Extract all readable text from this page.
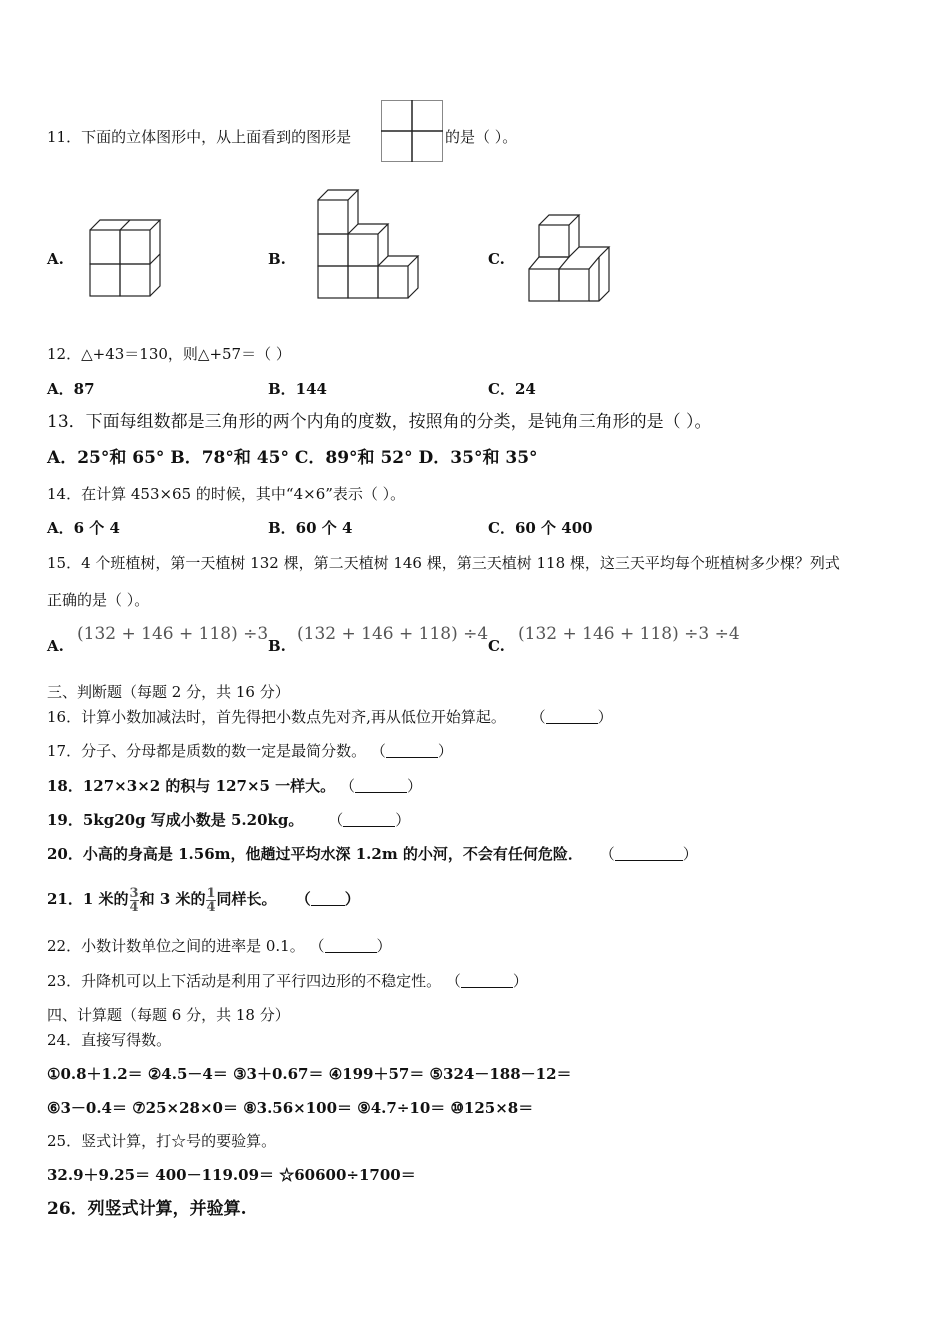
11．下面的立体图形中，从上面看到的图形是	的是（ ）。
A.	B.	C.
12．△+43＝130，则△+57＝（ ）
A．87	B．144	C．24
13．下面每组数都是三角形的两个内角的度数，按照角的分类，是钝角三角形的是（ ）。
A．25°和 65° B．78°和 45° C．89°和 52° D．35°和 35°
14．在计算 453×65 的时候，其中“4×6”表示（ ）。
A．6 个 4	B．60 个 4	C．60 个 400
15．4 个班植树，第一天植树 132 棵，第二天植树 146 棵，第三天植树 118 棵，这三天平均每个班植树多少棵？列式
正确的是（ ）。
A.
(132 + 146 + 118) ÷3
B.
(132 + 146 + 118) ÷4
C.
(132 + 146 + 118) ÷3 ÷4
三、判断题（每题 2 分，共 16 分）
16．计算小数加减法时，首先得把小数点先对齐,再从低位开始算起。 （	）
17．分子、分母都是质数的数一定是最简分数。 （	）
18．127×3×2 的积与 127×5 一样大。 （	）
19．5kg20g 写成小数是 5.20kg。 （	）
20．小高的身高是 1.56m，他趟过平均水深 1.2m 的小河，不会有任何危险． （	）
21．1 米的 $\frac{3}{4}$ 和 3 米的 $\frac{1}{4}$ 同样长。 （ ）
22．小数计数单位之间的进率是 0.1。 （	）
23．升降机可以上下活动是利用了平行四边形的不稳定性。 （	）
四、计算题（每题 6 分，共 18 分）
24．直接写得数。
①0.8＋1.2＝ ②4.5－4＝ ③3＋0.67＝ ④199＋57＝ ⑤324－188－12＝
⑥3－0.4＝ ⑦25×28×0＝ ⑧3.56×100＝ ⑨4.7÷10＝ ⑩125×8＝
25．竖式计算，打☆号的要验算。
32.9＋9.25＝ 400－119.09＝ ☆60600÷1700＝
26．列竖式计算，并验算.
